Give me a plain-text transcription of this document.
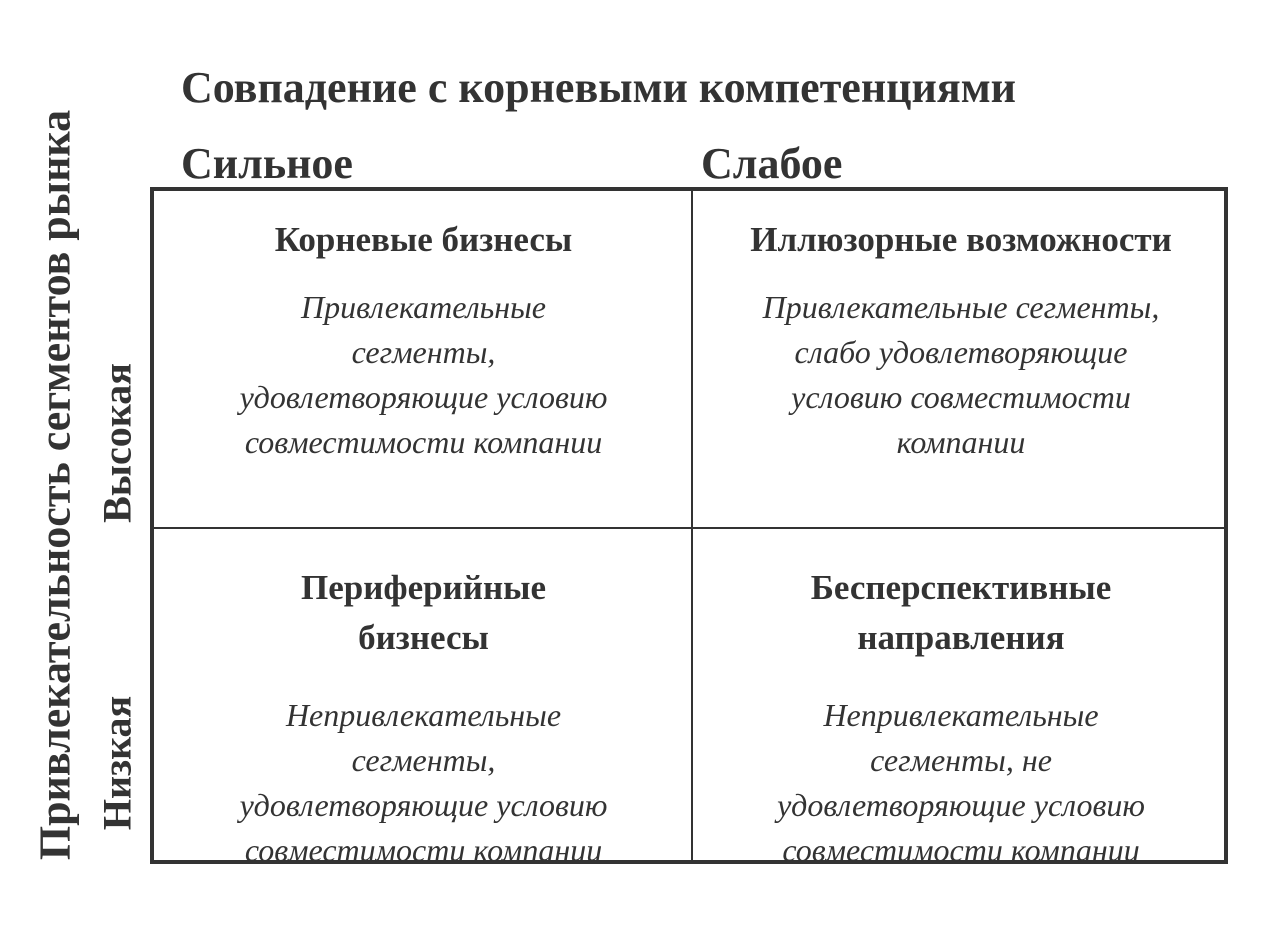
Совпадение с корневыми компетенциями
Сильное	Слабое
Привлекательность сегментов рынка Высокая
Низкая
Корневые бизнесы
Привлекательные
сегменты,
удовлетворяющие условию
совместимости компании
Иллюзорные возможности
Привлекательные сегменты,
слабо удовлетворяющие
условию совместимости
компании
Периферийные
бизнесы
Непривлекательные
сегменты,
удовлетворяющие условию
совместимости компании
Бесперспективные
направления
Непривлекательные
сегменты, не
удовлетворяющие условию
совместимости компании
